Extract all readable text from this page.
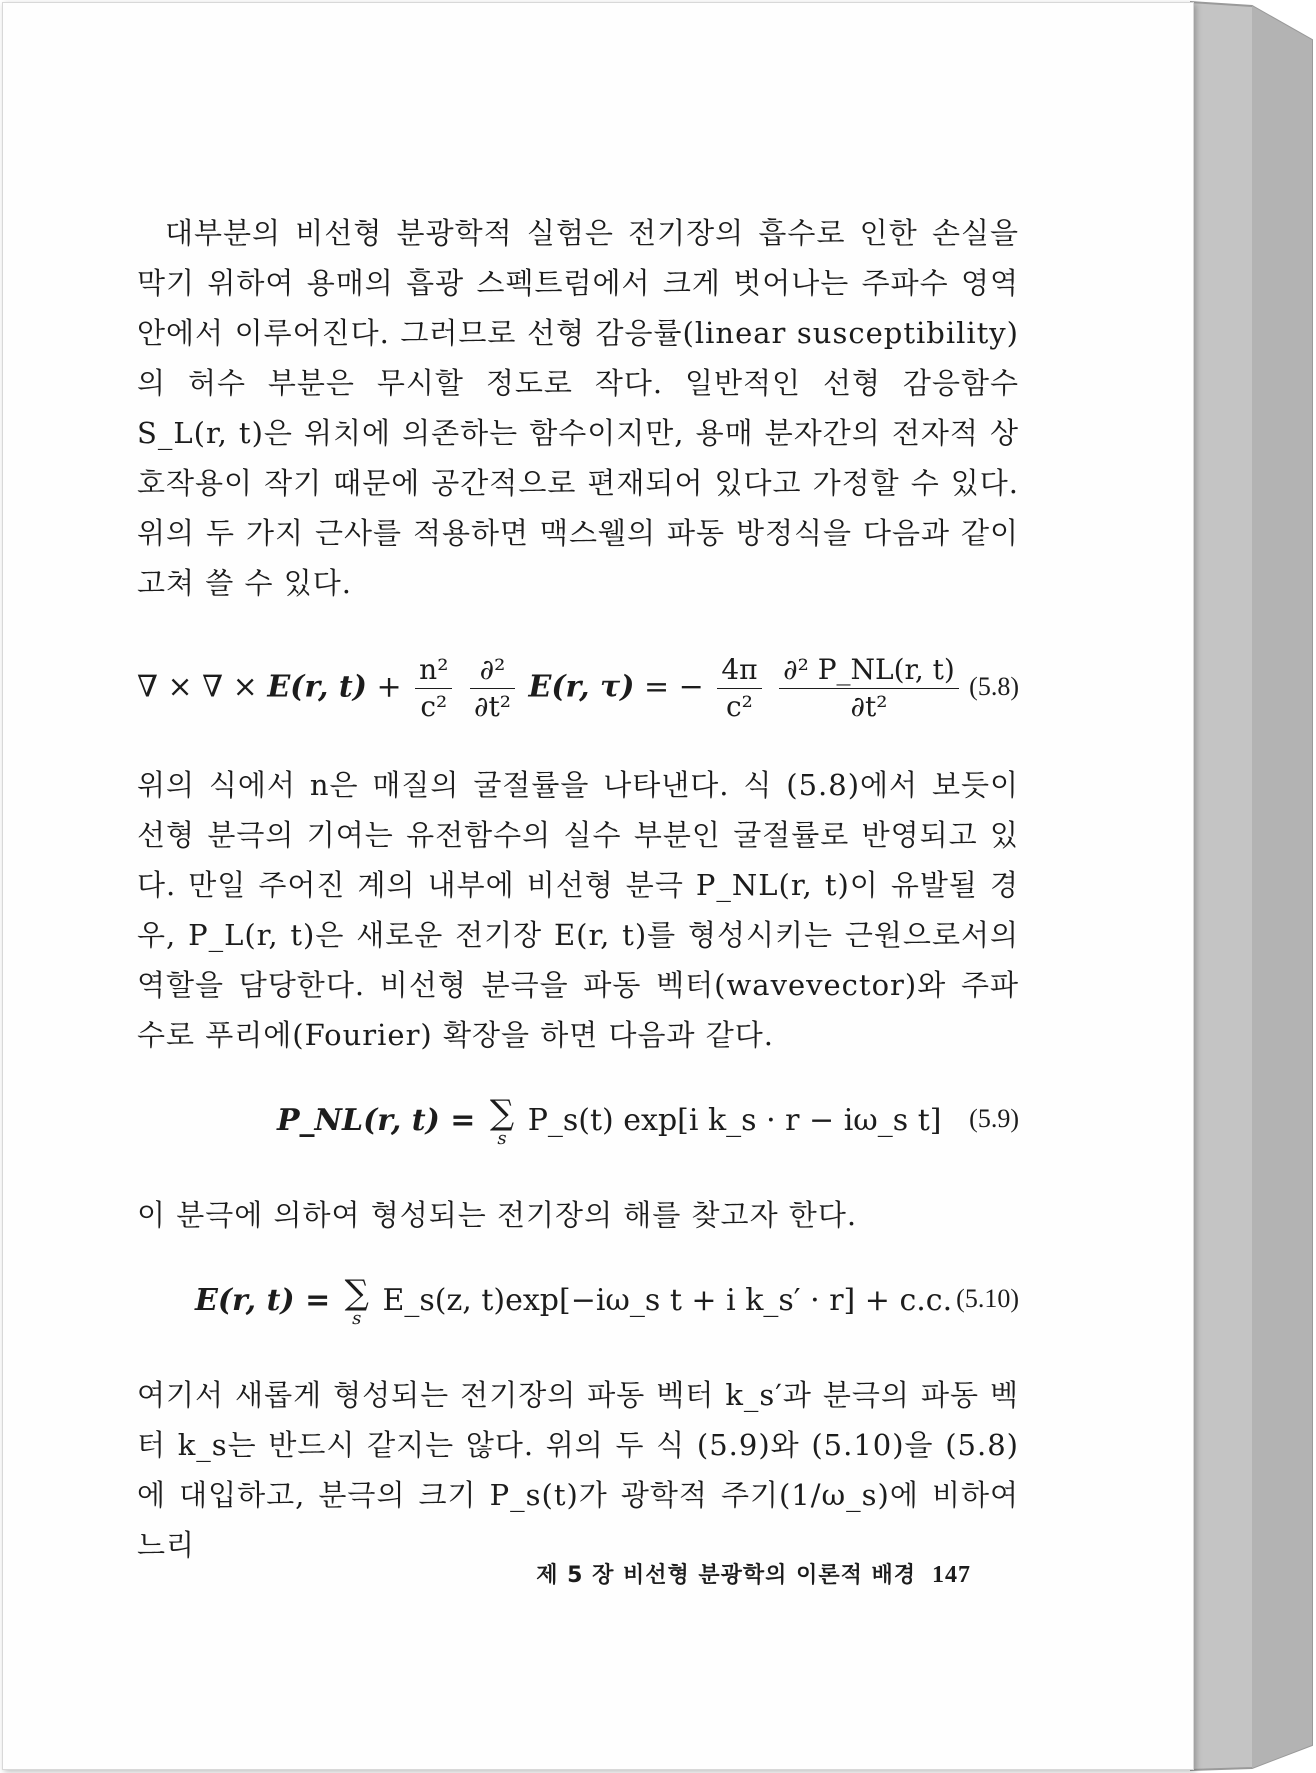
대부분의 비선형 분광학적 실험은 전기장의 흡수로 인한 손실을 막기 위하여 용매의 흡광 스펙트럼에서 크게 벗어나는 주파수 영역 안에서 이루어진다. 그러므로 선형 감응률(linear susceptibility)의 허수 부분은 무시할 정도로 작다. 일반적인 선형 감응함수 S_L(r, t)은 위치에 의존하는 함수이지만, 용매 분자간의 전자적 상호작용이 작기 때문에 공간적으로 편재되어 있다고 가정할 수 있다. 위의 두 가지 근사를 적용하면 맥스웰의 파동 방정식을 다음과 같이 고쳐 쓸 수 있다.

∇ × ∇ × E(r, $t) + \frac{\text{n²}}{\text{c²}}$
$\frac{\text{∂²}}{\text{∂t²}} E(r$, τ) = − $\frac{4\pi}{\text{c²}}$
$\frac{\text{∂² P\_NL(r, t)}}{\text{∂t²}} (5.8)$

위의 식에서 n은 매질의 굴절률을 나타낸다. 식 (5.8)에서 보듯이 선형 분극의 기여는 유전함수의 실수 부분인 굴절률로 반영되고 있다. 만일 주어진 계의 내부에 비선형 분극 P_NL(r, t)이 유발될 경우, P_L(r, t)은 새로운 전기장 E(r, t)를 형성시키는 근원으로서의 역할을 담당한다. 비선형 분극을 파동 벡터(wavevector)와 주파수로 푸리에(Fourier) 확장을 하면 다음과 같다.

P_NL(r, t) = ∑
s
P_s(t) exp[i k_s · r − iω_s t] (5.9)

이 분극에 의하여 형성되는 전기장의 해를 찾고자 한다.

E(r, t) = ∑
s
E_s(z, t)exp[−iω_s t + i k_s′ · r] + c.c. (5.10)

여기서 새롭게 형성되는 전기장의 파동 벡터 k_s′과 분극의 파동 벡터 k_s는 반드시 같지는 않다. 위의 두 식 (5.9)와 (5.10)을 (5.8)에 대입하고, 분극의 크기 P_s(t)가 광학적 주기(1/ω_s)에 비하여 느리

제 5 장 비선형 분광학의 이론적 배경 147
